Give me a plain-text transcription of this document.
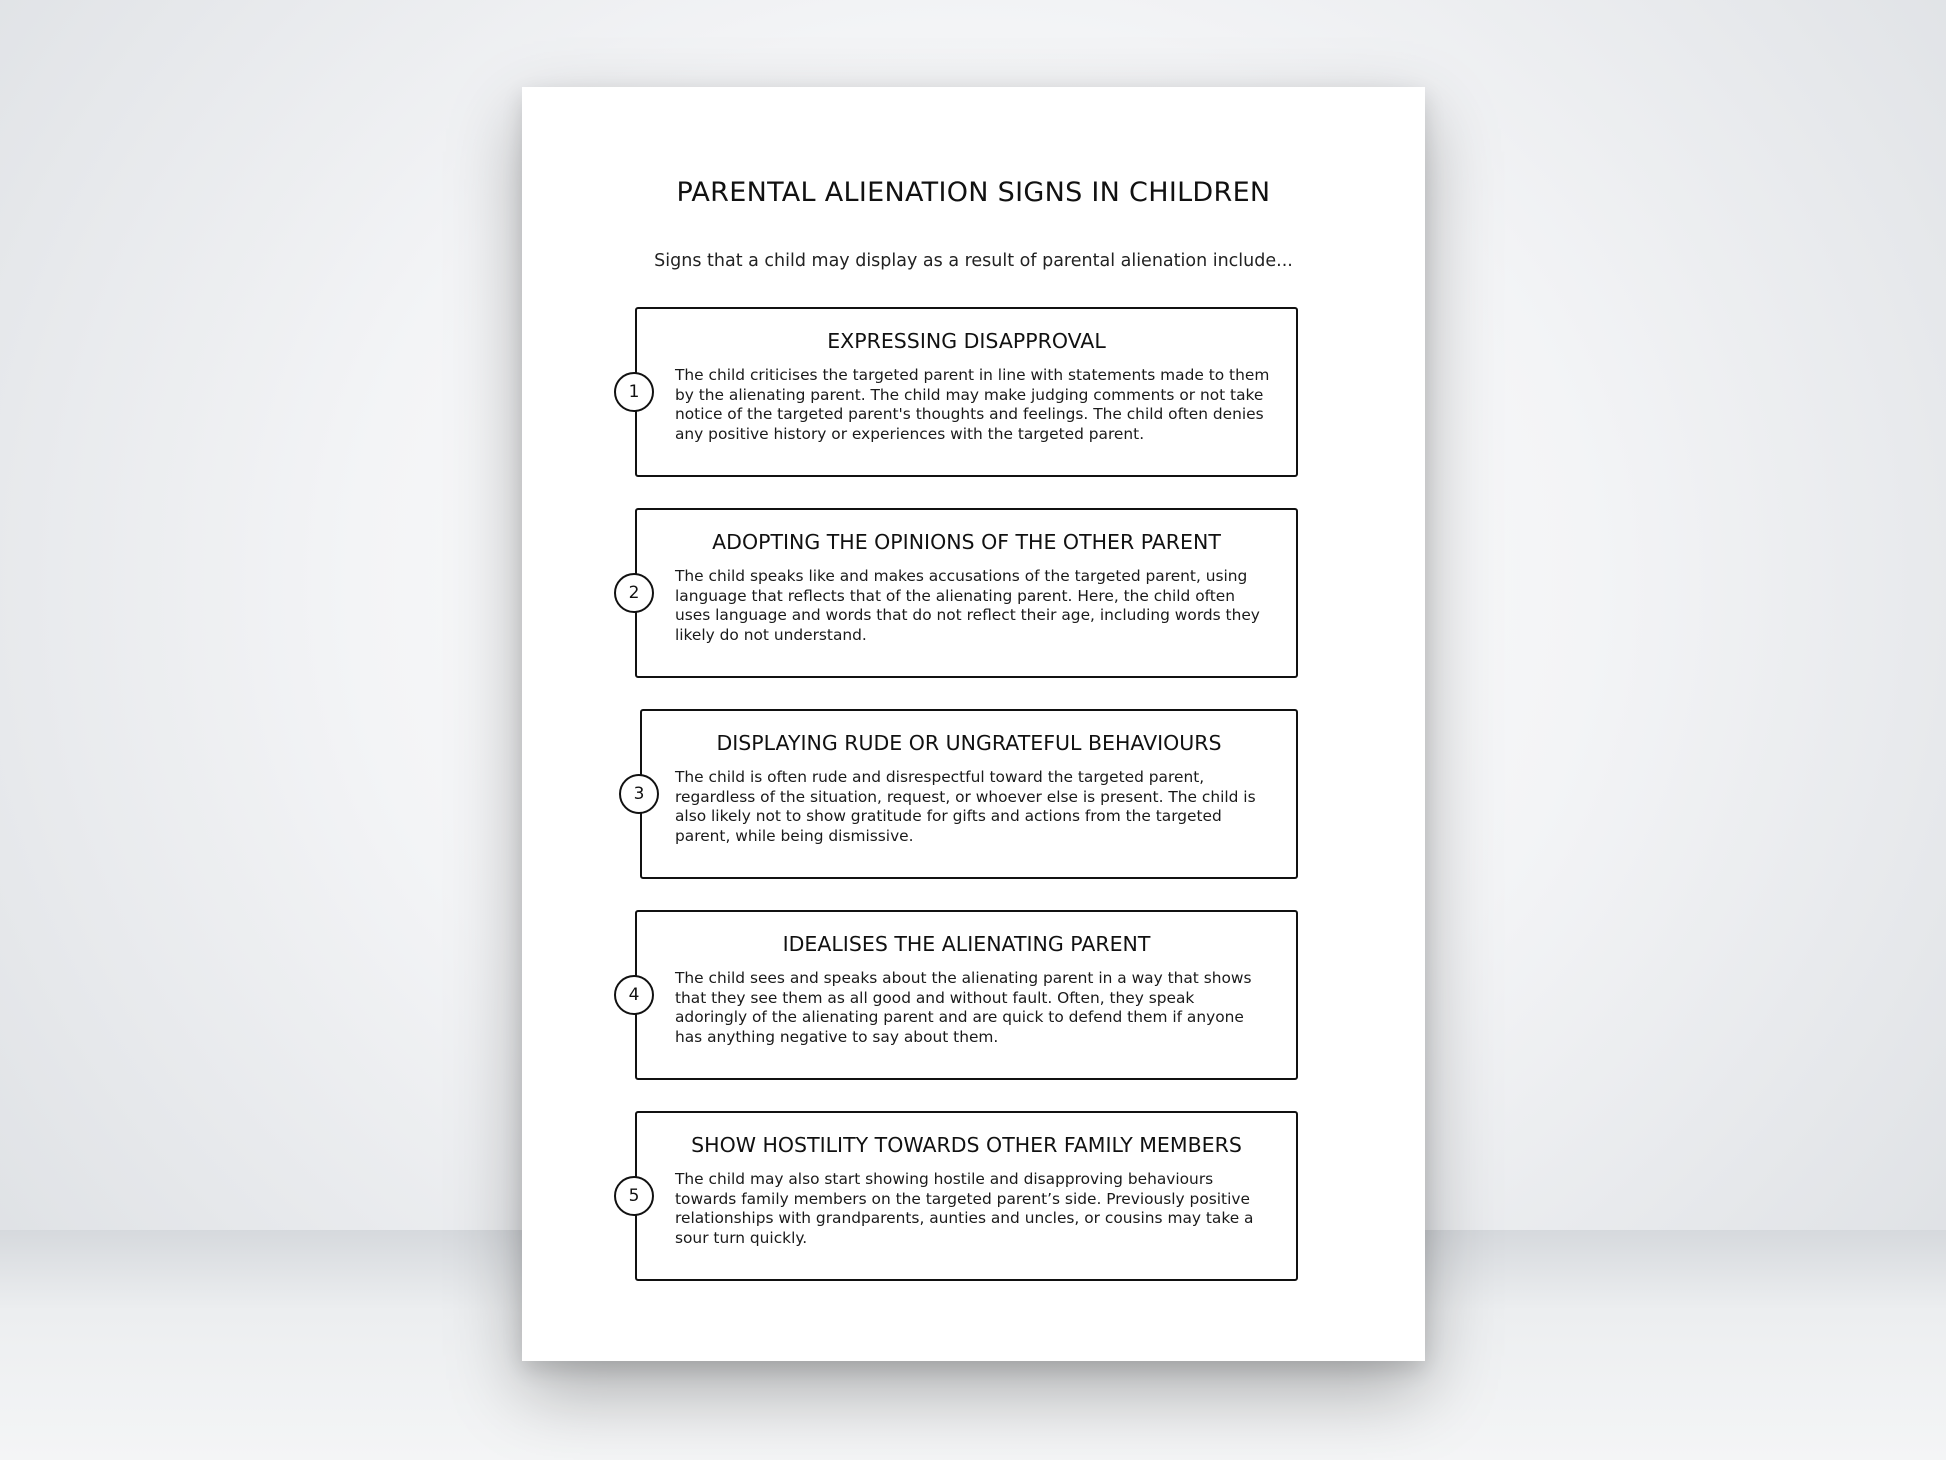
PARENTAL ALIENATION SIGNS IN CHILDREN
Signs that a child may display as a result of parental alienation include...
1
EXPRESSING DISAPPROVAL
The child criticises the targeted parent in line with statements made to them by the alienating parent. The child may make judging comments or not take notice of the targeted parent's thoughts and feelings. The child often denies any positive history or experiences with the targeted parent.
2
ADOPTING THE OPINIONS OF THE OTHER PARENT
The child speaks like and makes accusations of the targeted parent, using language that reflects that of the alienating parent. Here, the child often uses language and words that do not reflect their age, including words they likely do not understand.
3
DISPLAYING RUDE OR UNGRATEFUL BEHAVIOURS
The child is often rude and disrespectful toward the targeted parent, regardless of the situation, request, or whoever else is present. The child is also likely not to show gratitude for gifts and actions from the targeted parent, while being dismissive.
4
IDEALISES THE ALIENATING PARENT
The child sees and speaks about the alienating parent in a way that shows that they see them as all good and without fault. Often, they speak adoringly of the alienating parent and are quick to defend them if anyone has anything negative to say about them.
5
SHOW HOSTILITY TOWARDS OTHER FAMILY MEMBERS
The child may also start showing hostile and disapproving behaviours towards family members on the targeted parent’s side. Previously positive relationships with grandparents, aunties and uncles, or cousins may take a sour turn quickly.
